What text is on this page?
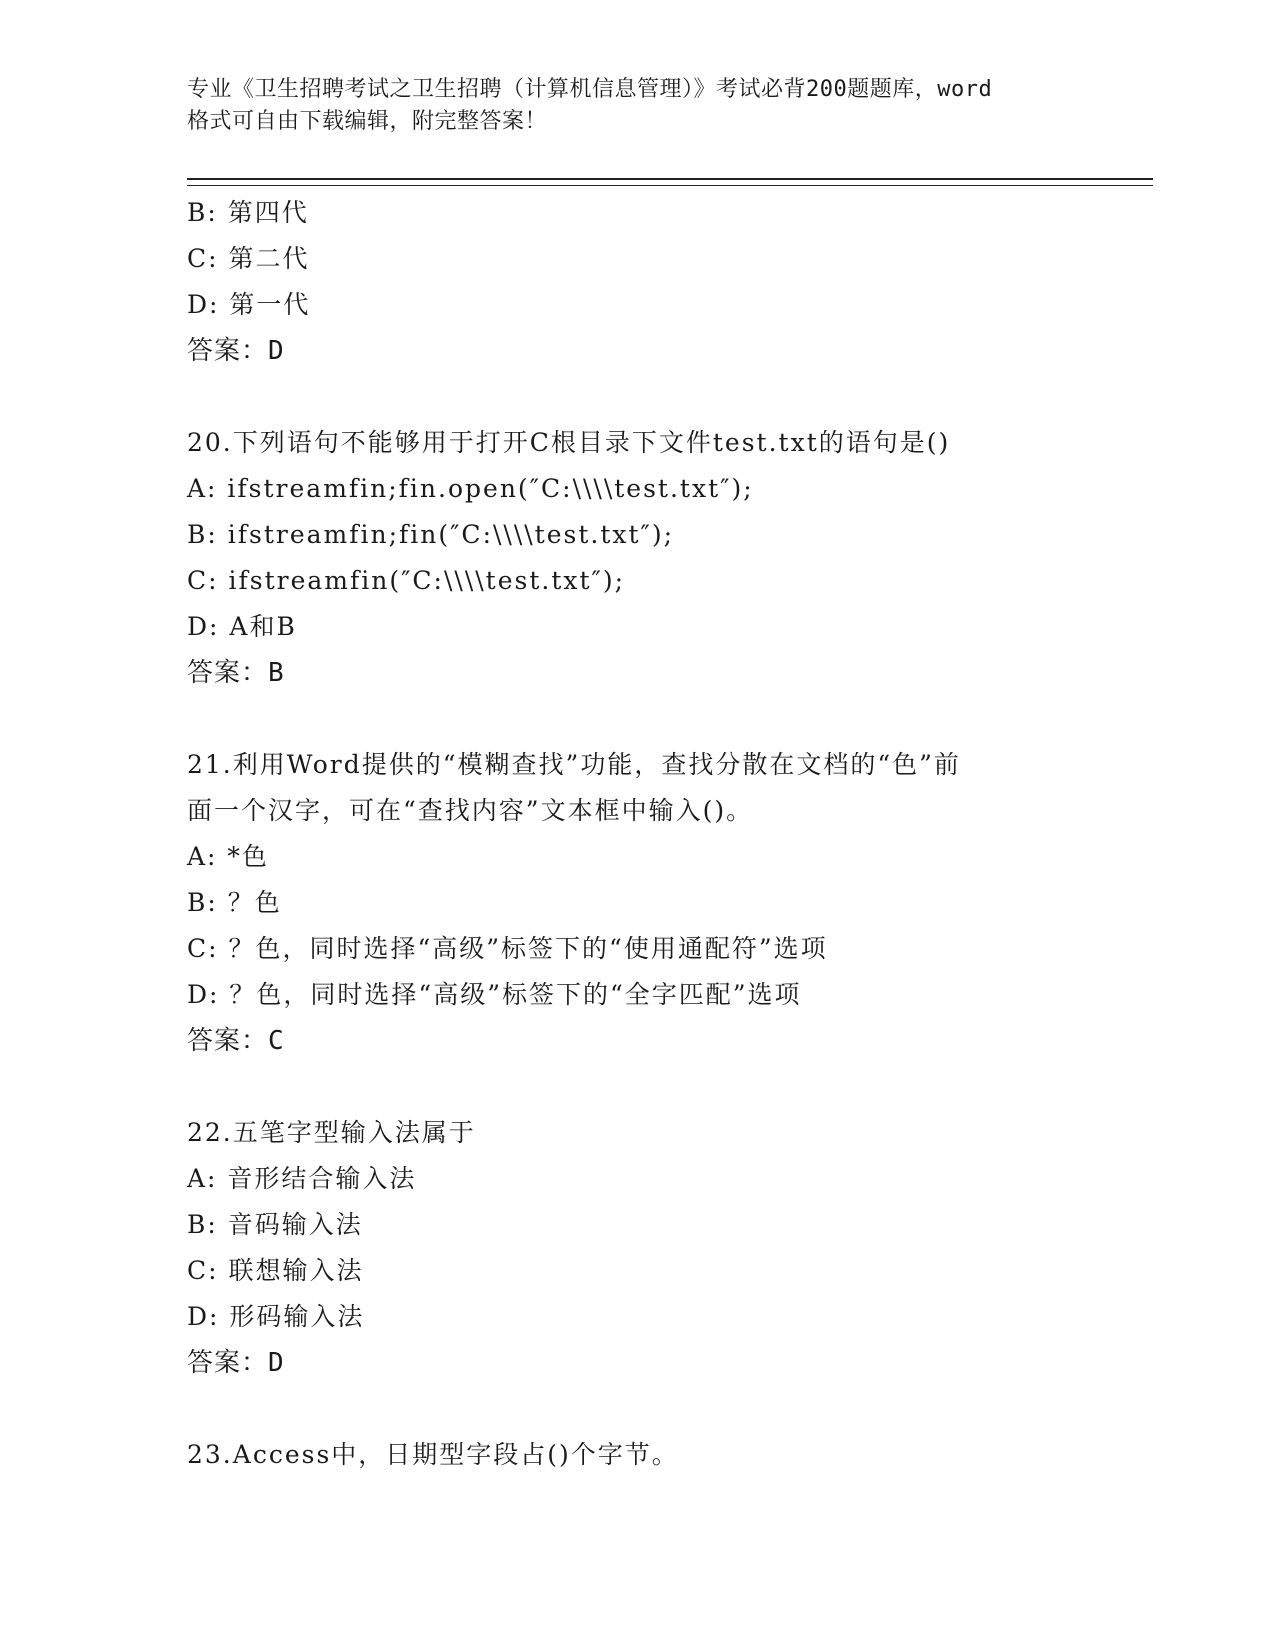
专业《卫生招聘考试之卫生招聘（计算机信息管理）》考试必背200题题库，word
格式可自由下载编辑，附完整答案！
B: 第四代
C: 第二代
D: 第一代
答案：D
20.下列语句不能够用于打开C根目录下文件test.txt的语句是()
A: ifstreamfin;fin.open(″C:\\\\test.txt″);
B: ifstreamfin;fin(″C:\\\\test.txt″);
C: ifstreamfin(″C:\\\\test.txt″);
D: A和B
答案：B
21.利用Word提供的“模糊查找”功能，查找分散在文档的“色”前
面一个汉字，可在“查找内容”文本框中输入()。
A: *色
B: ？色
C: ？色，同时选择“高级”标签下的“使用通配符”选项
D: ？色，同时选择“高级”标签下的“全字匹配”选项
答案：C
22.五笔字型输入法属于
A: 音形结合输入法
B: 音码输入法
C: 联想输入法
D: 形码输入法
答案：D
23.Access中，日期型字段占()个字节。
